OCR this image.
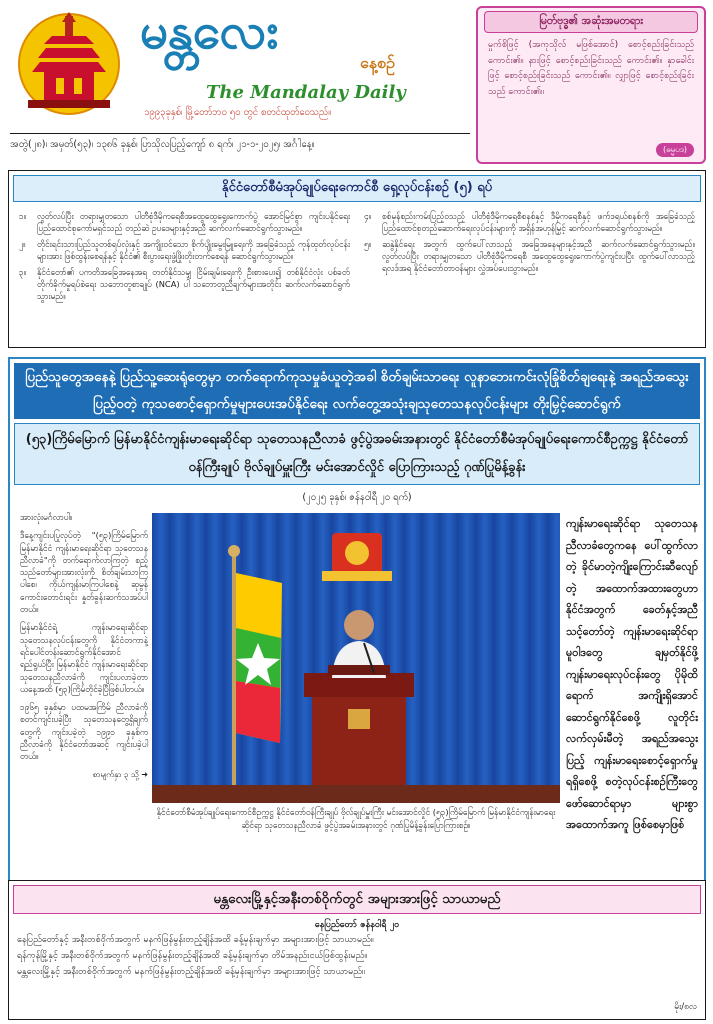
မန္တလေး
နေ့စဉ်
The Mandalay Daily
၁၉၉၃ခုနှစ်၊ မြို့တော်ဘဝ ၅၀ တွင် စတင်ထုတ်ဝေသည်။
မြတ်ဗုဒ္ဓ၏ အဆုံးအမတရား
မှုက်စိဖြင့် (အကုသိုလ် မဖြစ်အောင်) စောင့်စည်းခြင်းသည် ကောင်း၏။ နားဖြင့် စောင့်စည်းခြင်းသည် ကောင်း၏။ နှာခေါင်းဖြင့် စောင့်စည်းခြင်းသည် ကောင်း၏။ လျှာဖြင့် စောင့်စည်းခြင်းသည် ကောင်း၏။
(ဓမ္မပဒ)
အတွဲ(၂၈)၊ အမှတ်(၅၃)၊ ၁၃၈၆ ခုနှစ်၊ ပြာသိုလပြည့်ကျော် ၈ ရက်၊ ၂၁-၁-၂၀၂၅၊ အင်္ဂါနေ့။
နိုင်ငံတော်စီမံအုပ်ချုပ်ရေးကောင်စီ ရှေ့လုပ်ငန်းစဉ် (၅) ရပ်
၁။	လွတ်လပ်ပြီး တရားမျှတသော ပါတီစုံဒီမိုကရေစီအထွေထွေရွေးကောက်ပွဲ အောင်မြင်စွာ ကျင်းပနိုင်ရေး ပြည်ထောင်စုကော်မရှင်သည် တည်ဆဲ ဥပဒေများနှင့်အညီ ဆက်လက်ဆောင်ရွက်သွားမည်။
၂။	တိုင်းရင်းသားပြည်သူတစ်ရပ်လုံးနှင့် အကျိုးဝင်သော စိုက်ပျိုးမွေးမြူရေးကို အခြေခံသည့် ကုန်ထုတ်လုပ်ငန်းများအား ဖြစ်ထွန်းစေရန်နှင့် နိုင်ငံ၏ စီးပွားရေးဖွံ့ဖြိုးတိုးတက်စေရန် ဆောင်ရွက်သွားမည်။
၃။	နိုင်ငံတော်၏ ပကတိအခြေအနေအရ တတ်နိုင်သမျှ ငြိမ်းချမ်းရေးကို ဦးစားပေး၍ တစ်နိုင်ငံလုံး ပစ်ခတ်တိုက်ခိုက်မှုရပ်စဲရေး သဘောတူစာချုပ် (NCA) ပါ သဘောတူညီချက်များအတိုင်း ဆက်လက်ဆောင်ရွက်သွားမည်။
၄။	စစ်မှန်စည်းကမ်းပြည့်ဝသည့် ပါတီစုံဒီမိုကရေစီစနစ်နှင့် ဒီမိုကရေစီနှင့် ဖက်ဒရယ်စနစ်ကို အခြေခံသည့် ပြည်ထောင်စုတည်ဆောက်ရေးလုပ်ငန်းများကို အရှိန်အဟုန်မြှင့် ဆက်လက်ဆောင်ရွက်သွားမည်။
၅။	ဆနွဲနိုင်ရေး အတွက် ထွက်ပေါ်လာသည့် အခြေအနေများနှင့်အညီ ဆက်လက်ဆောင်ရွက်သွားမည်။ လွတ်လပ်ပြီး တရားမျှတသော ပါတီစုံဒီမိုကရေစီ အထွေထွေရွေးကောက်ပွဲကျင်းပပြီး ထွက်ပေါ်လာသည့်ရလဒ်အရ နိုင်ငံတော်တာဝန်များ လွှဲအပ်ပေးသွားမည်။
ပြည်သူတွေအနေနဲ့ ပြည်သူ့ဆေးရုံတွေမှာ တက်ရောက်ကုသမှုခံယူတဲ့အခါ စိတ်ချမ်းသာရေး လူနာဘေးကင်းလုံခြုံစိတ်ချရေးနဲ့ အရည်အသွေးပြည့်ဝတဲ့ ကုသစောင့်ရှောက်မှုများပေးအပ်နိုင်ရေး လက်တွေ့အသုံးချသုတေသနလုပ်ငန်းများ တိုးမြှင့်ဆောင်ရွက်
(၅၃)ကြိမ်မြောက် မြန်မာနိုင်ငံကျန်းမာရေးဆိုင်ရာ သုတေသနညီလာခံ ဖွင့်ပွဲအခမ်းအနားတွင် နိုင်ငံတော်စီမံအုပ်ချုပ်ရေးကောင်စီဥက္ကဋ္ဌ နိုင်ငံတော်ဝန်ကြီးချုပ် ဗိုလ်ချုပ်မှူးကြီး မင်းအောင်လှိုင် ပြောကြားသည့် ဂုဏ်ပြုမိန့်ခွန်း
(၂၀၂၅ ခုနှစ်၊ ဇန်နဝါရီ ၂၀ ရက်)

အားလုံးမင်္ဂလာပါ။

ဒီနေ့ကျင်းပပြုလုပ်တဲ့ "(၅၃)ကြိမ်မြောက် မြန်မာနိုင်ငံ ကျန်းမာရေးဆိုင်ရာ သုတေသနညီလာခံ"ကို တက်ရောက်လာကြတဲ့ စည့်သည်တော်များအားလုံးကို စိတ်ချမ်းသာကြပါစေ၊ ကိုယ်ကျန်းမာကြပါစေနဲ့ ဆုမွန်ကောင်းတောင်းရင်း နှုတ်ခွန်းဆက်သအပ်ပါတယ်။

မြန်မာနိုင်ငံရဲ့ ကျန်းမာရေးဆိုင်ရာ သုတေသနလုပ်ငန်းတွေကို နိုင်ငံတကာနဲ့ ရင်ပေါင်တန်းဆောင်ရွက်နိုင်အောင် ရည်ရွယ်ပြီး မြန်မာနိုင်ငံ ကျန်းမာရေးဆိုင်ရာ သုတေသနညီလာခံကို ကျင်းပလာခဲ့တာ ယနေ့အထိ (၅၃)ကြိမ်တိုင်ခဲ့ပြီဖြစ်ပါတယ်။

၁၉၆၅ ခုနှစ်မှာ ပထမအကြိမ် ညီလာခံကို စတင်ကျင်းပခဲ့ပြီး သုတေသနတွေ့ရှိချက်တွေကို ကျင်းပခဲ့တဲ့ ၁၉၉၁ ခုနှစ်က ညီလာခံကို နိုင်ငံတော်အဆင့် ကျင်းပခဲ့ပါတယ်။

စာမျက်နှာ ၃ သို့ ➜
နိုင်ငံတော်စီမံအုပ်ချုပ်ရေးကောင်စီဥက္ကဋ္ဌ နိုင်ငံတော်ဝန်ကြီးချုပ် ဗိုလ်ချုပ်မှူးကြီး မင်းအောင်လှိုင် (၅၃)ကြိမ်မြောက် မြန်မာနိုင်ငံကျန်းမာရေးဆိုင်ရာ သုတေသနညီလာခံ ဖွင့်ပွဲအခမ်းအနားတွင် ဂုဏ်ပြုမိန့်ခွန်းပြောကြားစဉ်။
ကျန်းမာရေးဆိုင်ရာ သုတေသန ညီလာခံတွေကနေ ပေါ်ထွက်လာတဲ့ ခိုင်မာတဲ့ကျိုးကြောင်းဆီလျော်တဲ့ အထောက်အထားတွေဟာ နိုင်ငံအတွက် ခေတ်နှင့်အညီ သင့်တော်တဲ့ ကျန်းမာရေးဆိုင်ရာမူဝါဒတွေ ချမှတ်နိုင်ဖို့ ကျန်းမာရေးလုပ်ငန်းတွေ ပိုမိုထိရောက် အကျိုးရှိအောင် ဆောင်ရွက်နိုင်စေဖို့ လူတိုင်း လက်လှမ်းမီတဲ့ အရည်အသွေးပြည့် ကျန်းမာရေးစောင့်ရှောက်မှုရရှိစေဖို့ စတဲ့လုပ်ငန်းစဉ်ကြီးတွေ ဖော်ဆောင်ရာမှာ များစွာ အထောက်အကူ ဖြစ်စေမှာဖြစ်
မန္တလေးမြို့နှင့်အနီးတစ်ဝိုက်တွင် အများအားဖြင့် သာယာမည်
နေပြည်တော် ဇန်နဝါရီ ၂၀

နေပြည်တော်နှင့် အနီးတစ်ဝိုက်အတွက် မနက်ဖြန်မွန်းတည့်ချိန်အထိ ခန့်မှန်းချက်မှာ အများအားဖြင့် သာယာမည်။

ရန်ကုန်မြို့နှင့် အနီးတစ်ဝိုက်အတွက် မနက်ဖြန်မွန်းတည့်ချိန်အထိ ခန့်မှန်းချက်မှာ တိမ်အနည်းငယ်ဖြစ်ထွန်းမည်။

မန္တလေးမြို့နှင့် အနီးတစ်ဝိုက်အတွက် မနက်ဖြန်မွန်းတည့်ချိန်အထိ ခန့်မှန်းချက်မှာ အများအားဖြင့် သာယာမည်။

မိုး/၈လ
